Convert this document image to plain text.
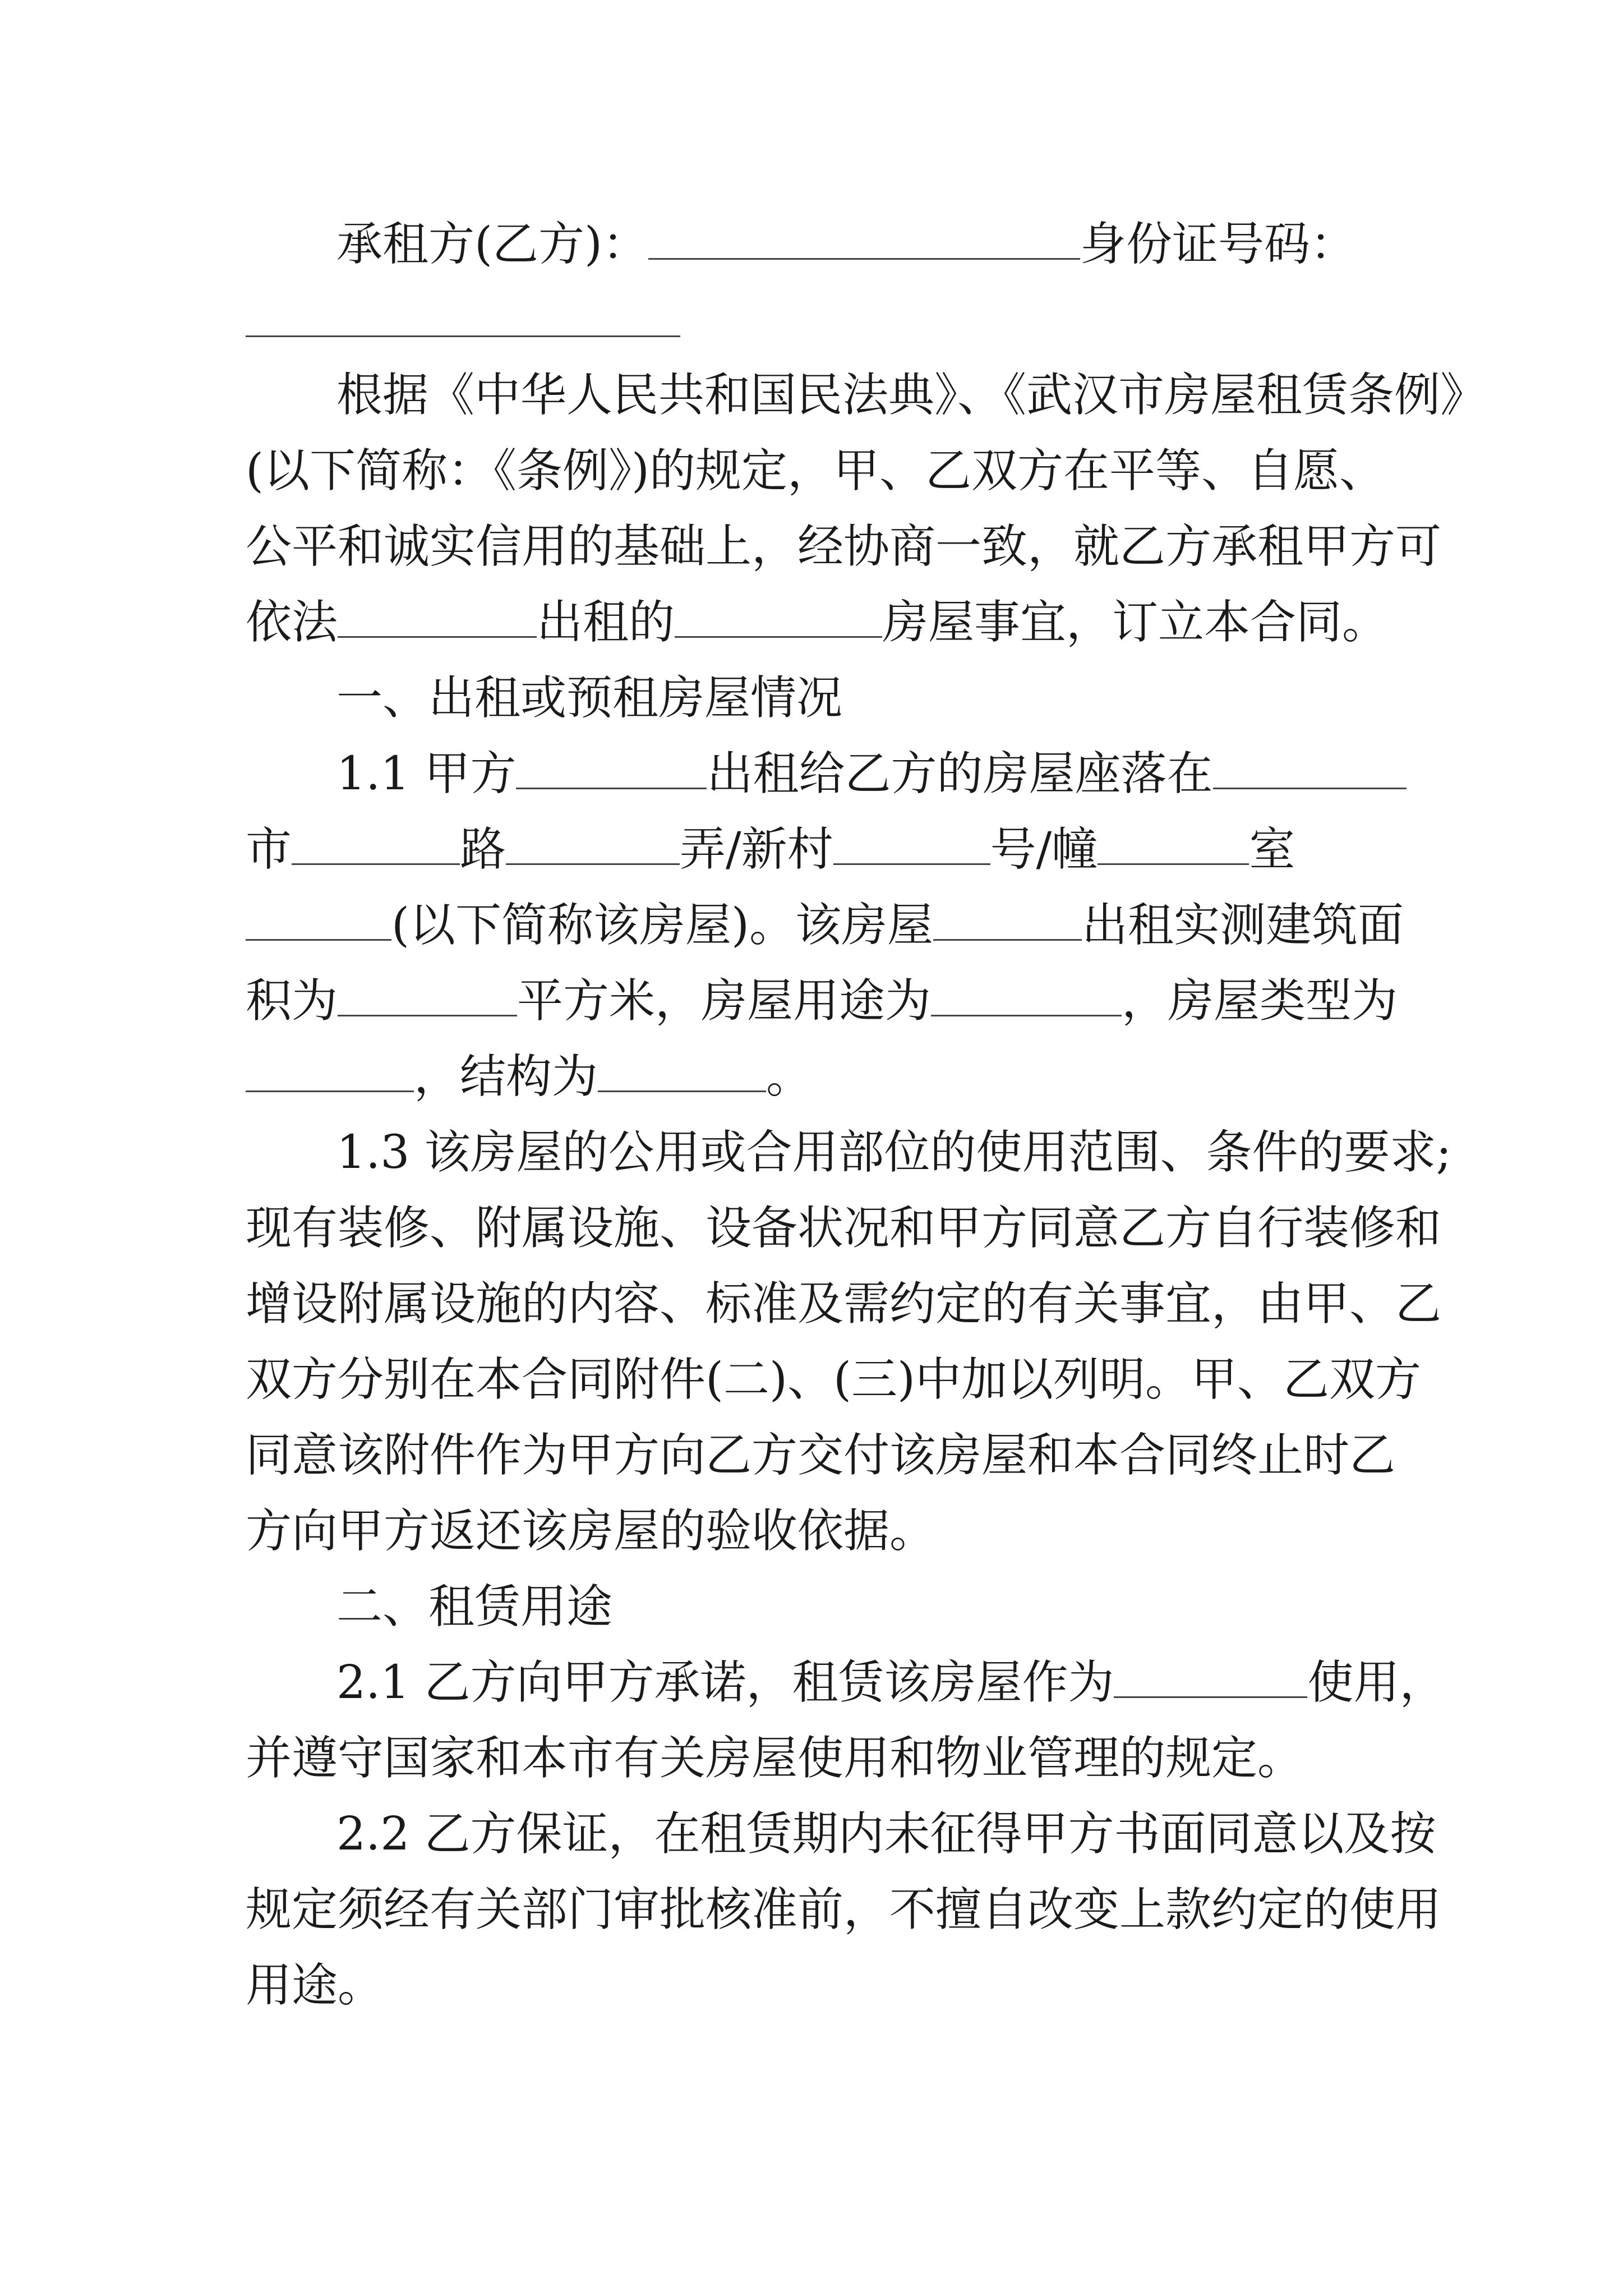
承租方(乙方)：	身份证号码：

根据《中华人民共和国民法典》、《武汉市房屋租赁条例》

(以下简称：《条例》)的规定，甲、乙双方在平等、自愿、

公平和诚实信用的基础上，经协商一致，就乙方承租甲方可

依法	出租的	房屋事宜，订立本合同。

一、出租或预租房屋情况

1.1 甲方	出租给乙方的房屋座落在

市	路	弄/新村	号/幢	室

(以下简称该房屋)。该房屋	出租实测建筑面

积为	平方米，房屋用途为	，房屋类型为

，结构为	。

1.3 该房屋的公用或合用部位的使用范围、条件的要求;

现有装修、附属设施、设备状况和甲方同意乙方自行装修和

增设附属设施的内容、标准及需约定的有关事宜，由甲、乙

双方分别在本合同附件(二)、(三)中加以列明。甲、乙双方

同意该附件作为甲方向乙方交付该房屋和本合同终止时乙

方向甲方返还该房屋的验收依据。

二、租赁用途

2.1 乙方向甲方承诺，租赁该房屋作为	使用，

并遵守国家和本市有关房屋使用和物业管理的规定。

2.2 乙方保证，在租赁期内未征得甲方书面同意以及按

规定须经有关部门审批核准前，不擅自改变上款约定的使用

用途。
